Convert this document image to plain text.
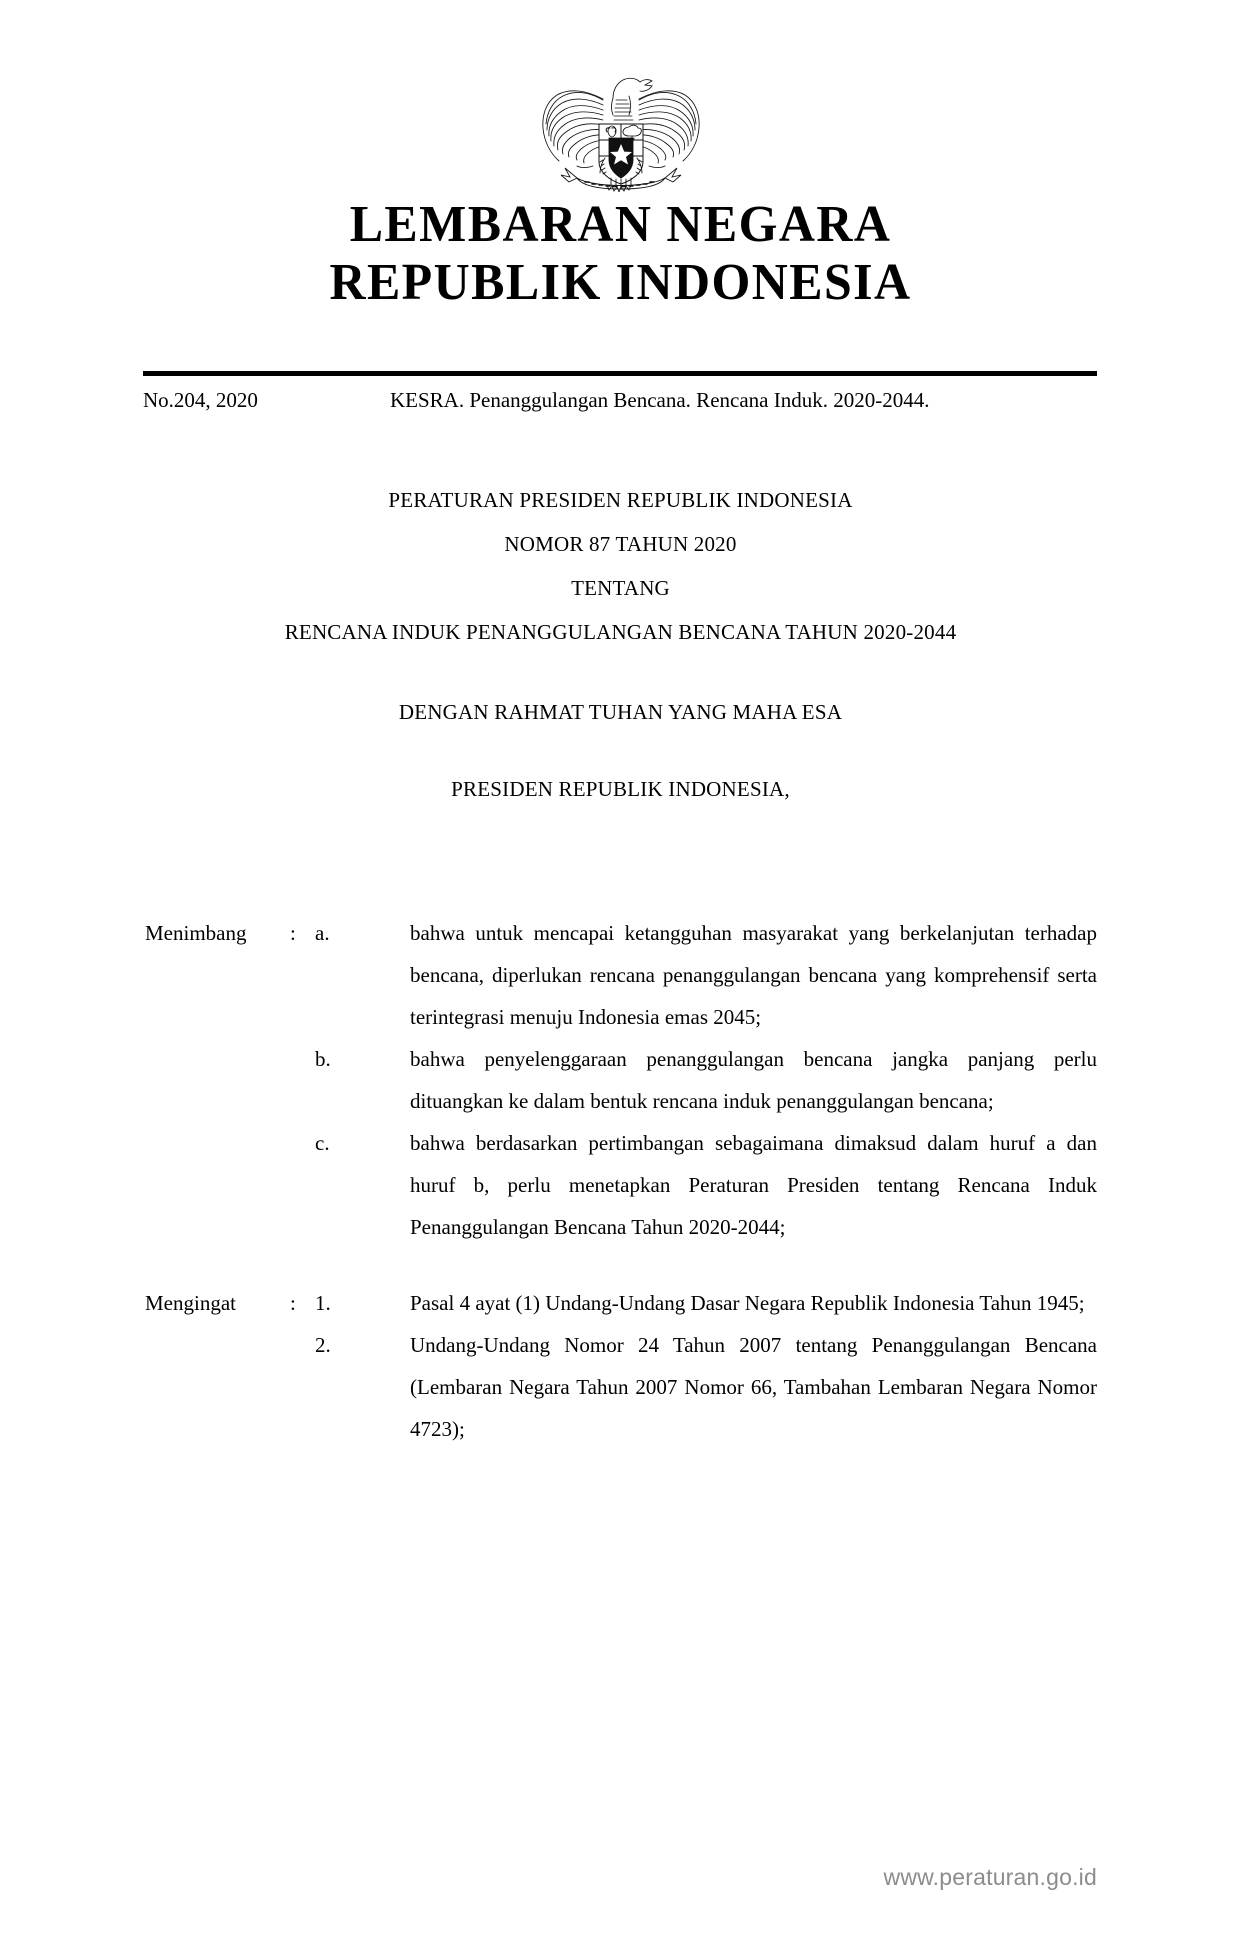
LEMBARAN NEGARA
REPUBLIK INDONESIA
No.204, 2020	KESRA. Penanggulangan Bencana. Rencana Induk. 2020-2044.
PERATURAN PRESIDEN REPUBLIK INDONESIA
NOMOR 87 TAHUN 2020
TENTANG
RENCANA INDUK PENANGGULANGAN BENCANA TAHUN 2020-2044
DENGAN RAHMAT TUHAN YANG MAHA ESA
PRESIDEN REPUBLIK INDONESIA,
Menimbang	: a.	bahwa untuk mencapai ketangguhan masyarakat yang berkelanjutan terhadap bencana, diperlukan rencana penanggulangan bencana yang komprehensif serta terintegrasi menuju Indonesia emas 2045;
b.	bahwa penyelenggaraan penanggulangan bencana jangka panjang perlu dituangkan ke dalam bentuk rencana induk penanggulangan bencana;
c.	bahwa berdasarkan pertimbangan sebagaimana dimaksud dalam huruf a dan huruf b, perlu menetapkan Peraturan Presiden tentang Rencana Induk Penanggulangan Bencana Tahun 2020-2044;
Mengingat	: 1.	Pasal 4 ayat (1) Undang-Undang Dasar Negara Republik Indonesia Tahun 1945;
2.	Undang-Undang Nomor 24 Tahun 2007 tentang Penanggulangan Bencana (Lembaran Negara Tahun 2007 Nomor 66, Tambahan Lembaran Negara Nomor 4723);
www.peraturan.go.id
